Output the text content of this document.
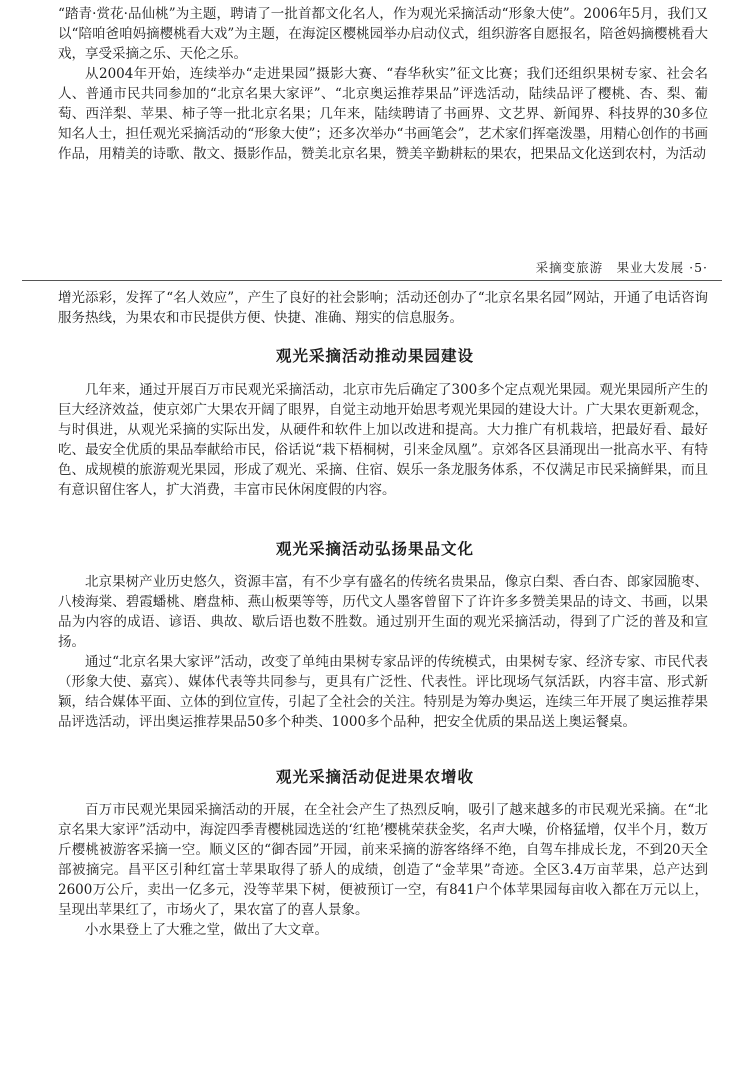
“踏青·赏花·品仙桃”为主题，聘请了一批首都文化名人，作为观光采摘活动“形象大使”。2006年5月，我们又以“陪咱爸咱妈摘樱桃看大戏”为主题，在海淀区樱桃园举办启动仪式，组织游客自愿报名，陪爸妈摘樱桃看大戏，享受采摘之乐、天伦之乐。

从2004年开始，连续举办“走进果园”摄影大赛、“春华秋实”征文比赛；我们还组织果树专家、社会名人、普通市民共同参加的“北京名果大家评”、“北京奥运推荐果品”评选活动，陆续品评了樱桃、杏、梨、葡萄、西洋梨、苹果、柿子等一批北京名果；几年来，陆续聘请了书画界、文艺界、新闻界、科技界的30多位知名人士，担任观光采摘活动的“形象大使”；还多次举办“书画笔会”，艺术家们挥毫泼墨，用精心创作的书画作品，用精美的诗歌、散文、摄影作品，赞美北京名果，赞美辛勤耕耘的果农，把果品文化送到农村，为活动

采摘变旅游　果业大发展 ·5·

增光添彩，发挥了“名人效应”，产生了良好的社会影响；活动还创办了“北京名果名园”网站，开通了电话咨询服务热线，为果农和市民提供方便、快捷、准确、翔实的信息服务。

观光采摘活动推动果园建设

几年来，通过开展百万市民观光采摘活动，北京市先后确定了300多个定点观光果园。观光果园所产生的巨大经济效益，使京郊广大果农开阔了眼界，自觉主动地开始思考观光果园的建设大计。广大果农更新观念，与时俱进，从观光采摘的实际出发，从硬件和软件上加以改进和提高。大力推广有机栽培，把最好看、最好吃、最安全优质的果品奉献给市民，俗话说“栽下梧桐树，引来金凤凰”。京郊各区县涌现出一批高水平、有特色、成规模的旅游观光果园，形成了观光、采摘、住宿、娱乐一条龙服务体系，不仅满足市民采摘鲜果，而且有意识留住客人，扩大消费，丰富市民休闲度假的内容。

观光采摘活动弘扬果品文化

北京果树产业历史悠久，资源丰富，有不少享有盛名的传统名贵果品，像京白梨、香白杏、郎家园脆枣、八棱海棠、碧霞蟠桃、磨盘柿、燕山板栗等等，历代文人墨客曾留下了许许多多赞美果品的诗文、书画，以果品为内容的成语、谚语、典故、歇后语也数不胜数。通过别开生面的观光采摘活动，得到了广泛的普及和宣扬。

通过“北京名果大家评”活动，改变了单纯由果树专家品评的传统模式，由果树专家、经济专家、市民代表（形象大使、嘉宾）、媒体代表等共同参与，更具有广泛性、代表性。评比现场气氛活跃，内容丰富、形式新颖，结合媒体平面、立体的到位宣传，引起了全社会的关注。特别是为筹办奥运，连续三年开展了奥运推荐果品评选活动，评出奥运推荐果品50多个种类、1000多个品种，把安全优质的果品送上奥运餐桌。

观光采摘活动促进果农增收

百万市民观光果园采摘活动的开展，在全社会产生了热烈反响，吸引了越来越多的市民观光采摘。在“北京名果大家评”活动中，海淀四季青樱桃园选送的‘红艳’樱桃荣获金奖，名声大噪，价格猛增，仅半个月，数万斤樱桃被游客采摘一空。顺义区的“御杏园”开园，前来采摘的游客络绎不绝，自驾车排成长龙，不到20天全部被摘完。昌平区引种红富士苹果取得了骄人的成绩，创造了“金苹果”奇迹。全区3.4万亩苹果，总产达到2600万公斤，卖出一亿多元，没等苹果下树，便被预订一空，有841户个体苹果园每亩收入都在万元以上，呈现出苹果红了，市场火了，果农富了的喜人景象。

小水果登上了大雅之堂，做出了大文章。
